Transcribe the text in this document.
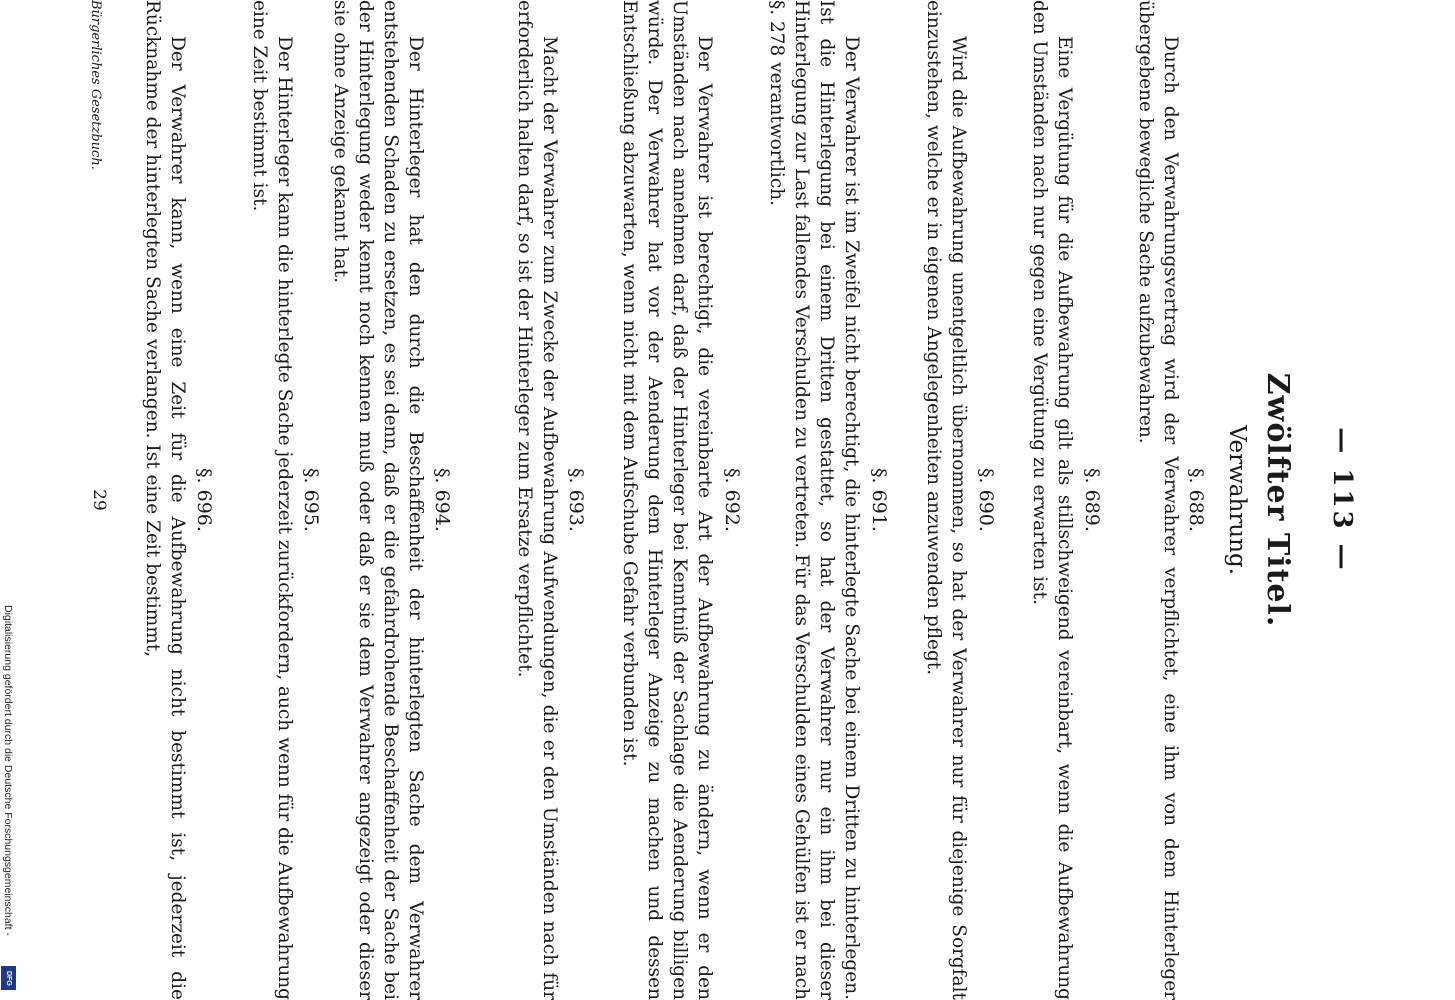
— 113 —
Zwölfter Titel.
Verwahrung.
§. 688.

Durch den Verwahrungsvertrag wird der Verwahrer verpflichtet, eine ihm von dem Hinterleger übergebene bewegliche Sache aufzubewahren.

§. 689.

Eine Vergütung für die Aufbewahrung gilt als stillschweigend vereinbart, wenn die Aufbewahrung den Umständen nach nur gegen eine Vergütung zu erwarten ist.

§. 690.

Wird die Aufbewahrung unentgeltlich übernommen, so hat der Verwahrer nur für diejenige Sorgfalt einzustehen, welche er in eigenen Angelegenheiten anzuwenden pflegt.

§. 691.

Der Verwahrer ist im Zweifel nicht berechtigt, die hinterlegte Sache bei einem Dritten zu hinterlegen. Ist die Hinterlegung bei einem Dritten gestattet, so hat der Verwahrer nur ein ihm bei dieser Hinterlegung zur Last fallendes Verschulden zu vertreten. Für das Verschulden eines Gehülfen ist er nach §. 278 verantwortlich.

§. 692.

Der Verwahrer ist berechtigt, die vereinbarte Art der Aufbewahrung zu ändern, wenn er den Umständen nach annehmen darf, daß der Hinterleger bei Kenntniß der Sachlage die Aenderung billigen würde. Der Verwahrer hat vor der Aenderung dem Hinterleger Anzeige zu machen und dessen Entschließung abzuwarten, wenn nicht mit dem Aufschube Gefahr verbunden ist.

§. 693.

Macht der Verwahrer zum Zwecke der Aufbewahrung Aufwendungen, die er den Umständen nach für erforderlich halten darf, so ist der Hinterleger zum Ersatze verpflichtet.

§. 694.

Der Hinterleger hat den durch die Beschaffenheit der hinterlegten Sache dem Verwahrer entstehenden Schaden zu ersetzen, es sei denn, daß er die gefahrdrohende Beschaffenheit der Sache bei der Hinterlegung weder kennt noch kennen muß oder daß er sie dem Verwahrer angezeigt oder dieser sie ohne Anzeige gekannt hat.

§. 695.

Der Hinterleger kann die hinterlegte Sache jederzeit zurückfordern, auch wenn für die Aufbewahrung eine Zeit bestimmt ist.

§. 696.

Der Verwahrer kann, wenn eine Zeit für die Aufbewahrung nicht bestimmt ist, jederzeit die Rücknahme der hinterlegten Sache verlangen. Ist eine Zeit bestimmt,

Bürgerliches Gesetzbuch.
29
Digitalisierung gefördert durch die Deutsche Forschungsgemeinschaft -
DFG
